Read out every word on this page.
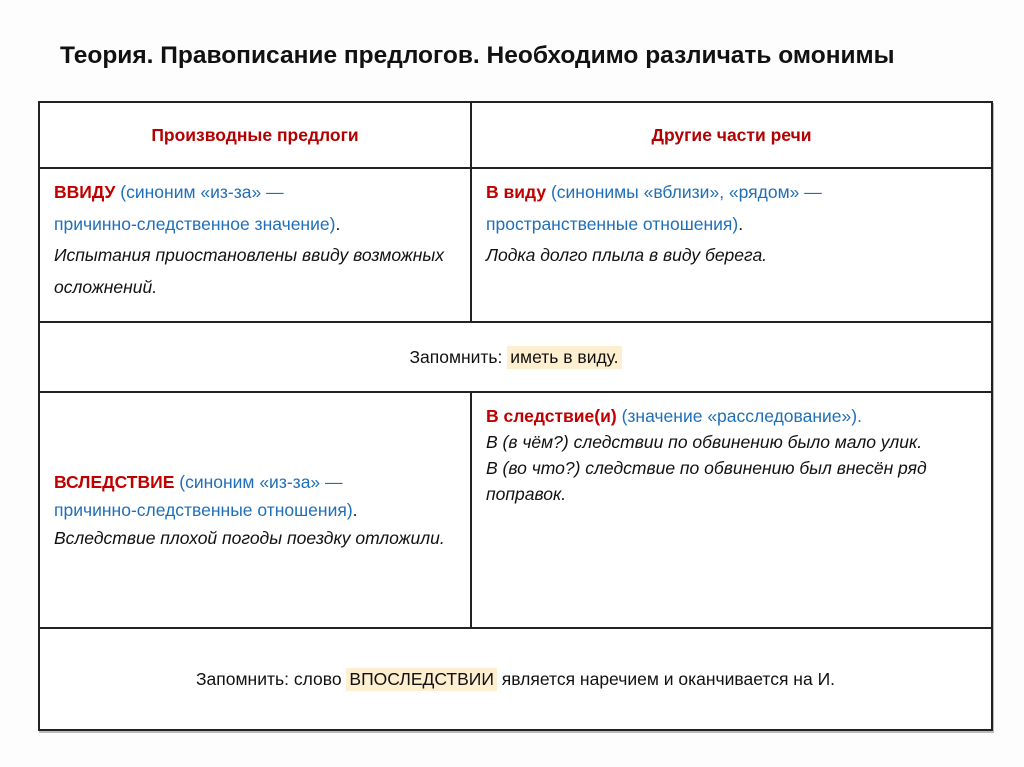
Теория. Правописание предлогов. Необходимо различать омонимы
Производные предлоги	Другие части речи
ВВИДУ (синоним «из-за» —
причинно-следственное значение).
Испытания приостановлены ввиду возможных осложнений.
В виду (синонимы «вблизи», «рядом» —
пространственные отношения).
Лодка долго плыла в виду берега.
Запомнить: иметь в виду.
ВСЛЕДСТВИЕ (синоним «из-за» —
причинно-следственные отношения).
Вследствие плохой погоды поездку отложили.
В следствие(и) (значение «расследование»).
В (в чём?) следствии по обвинению было мало улик.
В (во что?) следствие по обвинению был внесён ряд поправок.
Запомнить: слово ВПОСЛЕДСТВИИ является наречием и оканчивается на И.
